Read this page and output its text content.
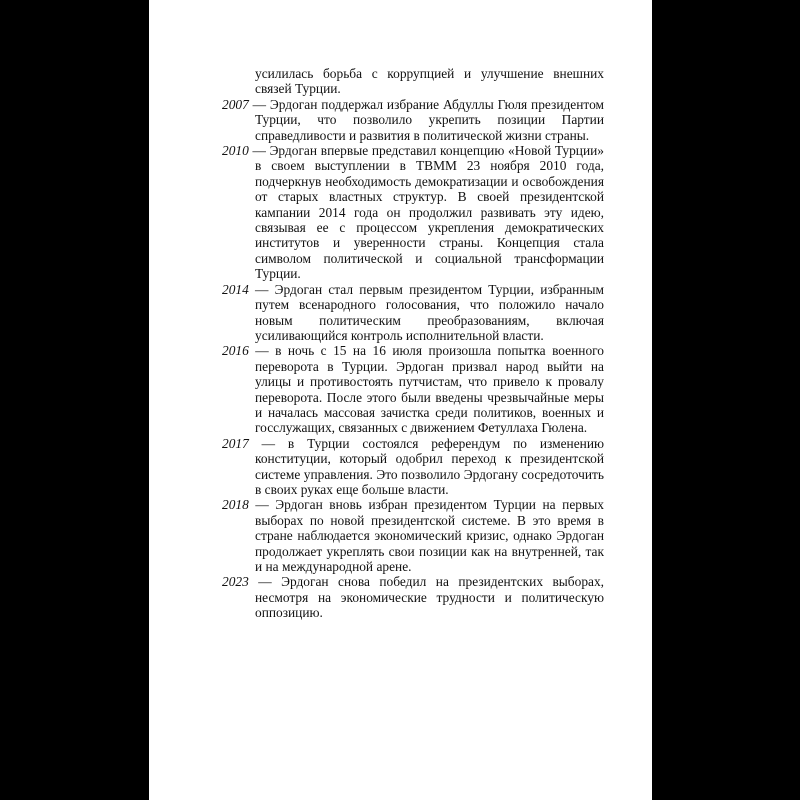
усилилась борьба с коррупцией и улучшение внешних связей Турции.

2007 — Эрдоган поддержал избрание Абдуллы Гюля президентом Турции, что позволило укрепить позиции Партии справедливости и развития в политической жизни страны.

2010 — Эрдоган впервые представил концепцию «Новой Турции» в своем выступлении в ТВММ 23 ноября 2010 года, подчеркнув необходимость демократизации и освобождения от старых властных структур. В своей президентской кампании 2014 года он продолжил развивать эту идею, связывая ее с процессом укрепления демократических институтов и уверенности страны. Концепция стала символом политической и социальной трансформации Турции.

2014 — Эрдоган стал первым президентом Турции, избранным путем всенародного голосования, что положило начало новым политическим преобразованиям, включая усиливающийся контроль исполнительной власти.

2016 — в ночь с 15 на 16 июля произошла попытка военного переворота в Турции. Эрдоган призвал народ выйти на улицы и противостоять путчистам, что привело к провалу переворота. После этого были введены чрезвычайные меры и началась массовая зачистка среди политиков, военных и госслужащих, связанных с движением Фетуллаха Гюлена.

2017 — в Турции состоялся референдум по изменению конституции, который одобрил переход к президентской системе управления. Это позволило Эрдогану сосредоточить в своих руках еще больше власти.

2018 — Эрдоган вновь избран президентом Турции на первых выборах по новой президентской системе. В это время в стране наблюдается экономический кризис, однако Эрдоган продолжает укреплять свои позиции как на внутренней, так и на международной арене.

2023 — Эрдоган снова победил на президентских выборах, несмотря на экономические трудности и политическую оппозицию.
